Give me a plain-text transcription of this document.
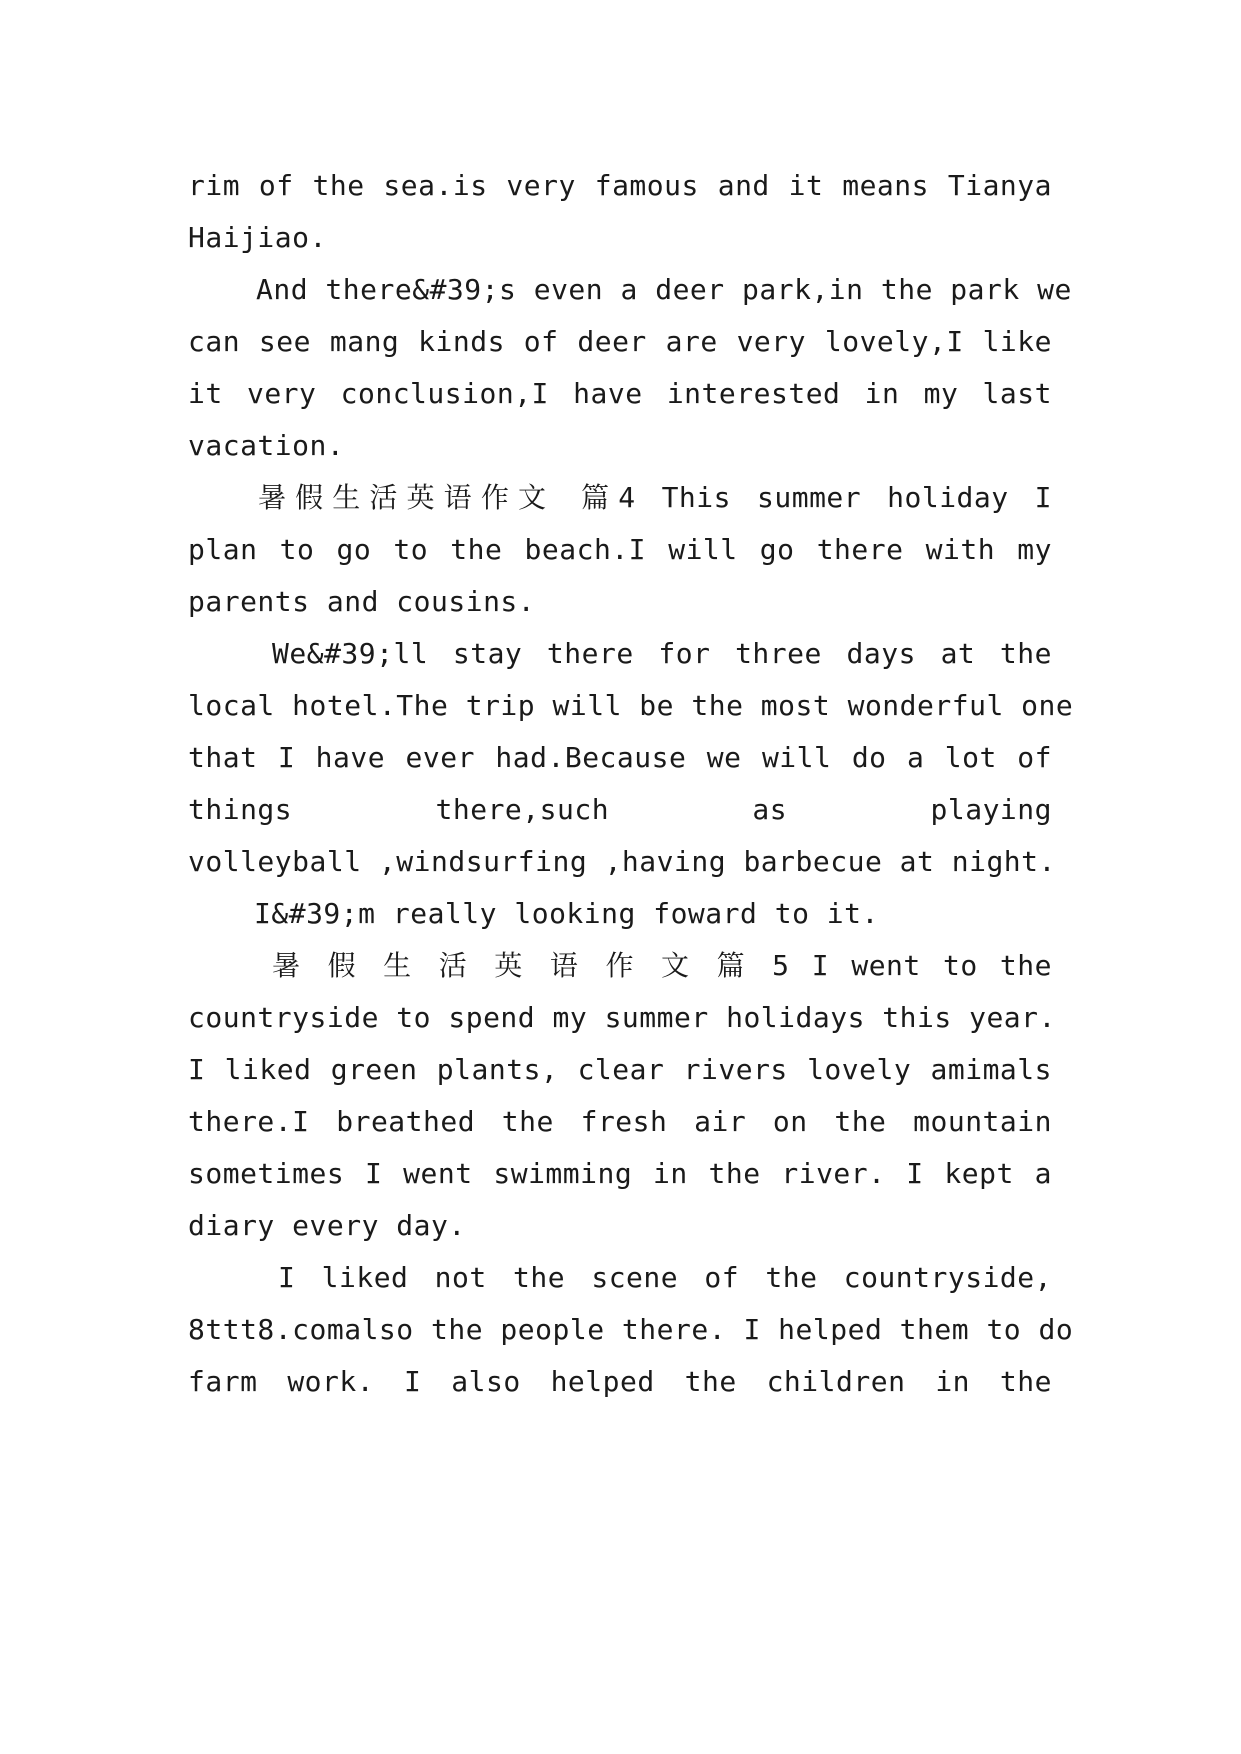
rim of the sea.is very famous and it means Tianya
Haijiao.
And there&#39;s even a deer park,in the park we
can see mang kinds of deer are very lovely,I like
it very conclusion,I have interested in my last
vacation.
暑假生活英语作文 篇4 This summer holiday I
plan to go to the beach.I will go there with my
parents and cousins.
We&#39;ll stay there for three days at the
local hotel.The trip will be the most wonderful one
that I have ever had.Because we will do a lot of
things there,such as playing
volleyball ,windsurfing ,having barbecue at night.
I&#39;m really looking foward to it.
暑 假 生 活 英 语 作 文 篇 5 I went to the
countryside to spend my summer holidays this year.
I liked green plants, clear rivers lovely amimals
there.I breathed the fresh air on the mountain
sometimes I went swimming in the river. I kept a
diary every day.
I liked not the scene of the countryside,
8ttt8.comalso the people there. I helped them to do
farm work. I also helped the children in the
